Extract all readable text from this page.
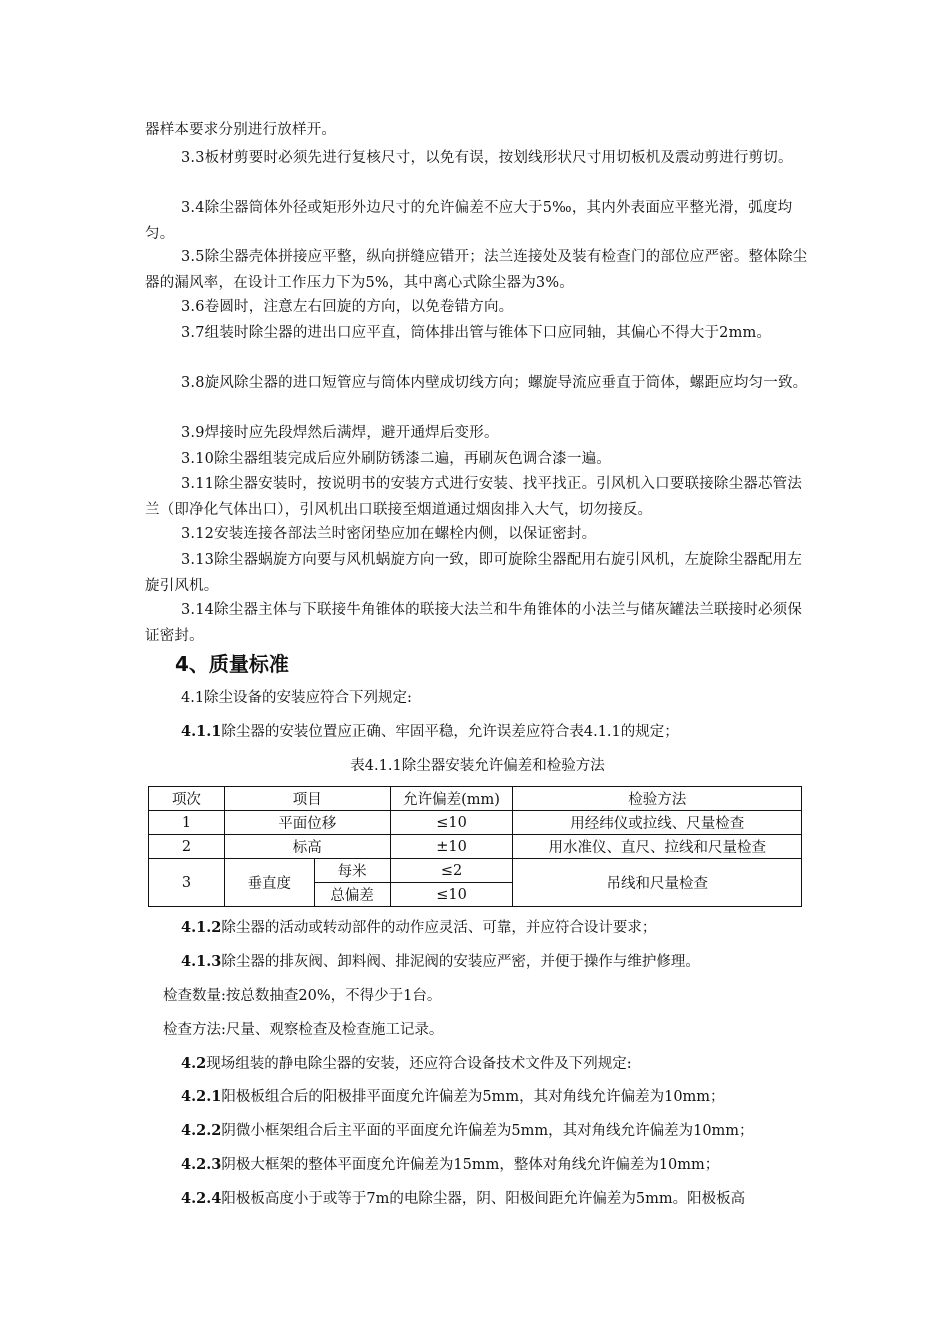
器样本要求分别进行放样开。

3.3板材剪要时必须先进行复核尺寸，以免有误，按划线形状尺寸用切板机及震动剪进行剪切。

3.4除尘器筒体外径或矩形外边尺寸的允许偏差不应大于5‰，其内外表面应平整光滑，弧度均匀。

3.5除尘器壳体拼接应平整，纵向拼缝应错开；法兰连接处及装有检查门的部位应严密。整体除尘器的漏风率，在设计工作压力下为5%，其中离心式除尘器为3%。

3.6卷圆时，注意左右回旋的方向，以免卷错方向。

3.7组装时除尘器的进出口应平直，筒体排出管与锥体下口应同轴，其偏心不得大于2mm。

3.8旋风除尘器的进口短管应与筒体内壁成切线方向；螺旋导流应垂直于筒体，螺距应均匀一致。

3.9焊接时应先段焊然后满焊，避开通焊后变形。

3.10除尘器组装完成后应外刷防锈漆二遍，再刷灰色调合漆一遍。

3.11除尘器安装时，按说明书的安装方式进行安装、找平找正。引风机入口要联接除尘器芯管法兰（即净化气体出口），引风机出口联接至烟道通过烟囱排入大气，切勿接反。

3.12安装连接各部法兰时密闭垫应加在螺栓内侧，以保证密封。

3.13除尘器蜗旋方向要与风机蜗旋方向一致，即可旋除尘器配用右旋引风机，左旋除尘器配用左旋引风机。

3.14除尘器主体与下联接牛角锥体的联接大法兰和牛角锥体的小法兰与储灰罐法兰联接时必须保证密封。

4、质量标准

4.1除尘设备的安装应符合下列规定:

4.1.1除尘器的安装位置应正确、牢固平稳，允许误差应符合表4.1.1的规定；

表4.1.1除尘器安装允许偏差和检验方法
项次	项目		允许偏差(mm)	检验方法
1	平面位移		≤10	用经纬仪或拉线、尺量检查
2	标高		±10	用水准仪、直尺、拉线和尺量检查
3	垂直度	每米	≤2	吊线和尺量检查
		总偏差	≤10	

4.1.2除尘器的活动或转动部件的动作应灵活、可靠，并应符合设计要求；

4.1.3除尘器的排灰阀、卸料阀、排泥阀的安装应严密，并便于操作与维护修理。

检查数量:按总数抽查20%，不得少于1台。

检查方法:尺量、观察检查及检查施工记录。

4.2现场组装的静电除尘器的安装，还应符合设备技术文件及下列规定:

4.2.1阳极板组合后的阳极排平面度允许偏差为5mm，其对角线允许偏差为10mm；

4.2.2阴微小框架组合后主平面的平面度允许偏差为5mm，其对角线允许偏差为10mm；

4.2.3阴极大框架的整体平面度允许偏差为15mm，整体对角线允许偏差为10mm；

4.2.4阳极板高度小于或等于7m的电除尘器，阴、阳极间距允许偏差为5mm。阳极板高
